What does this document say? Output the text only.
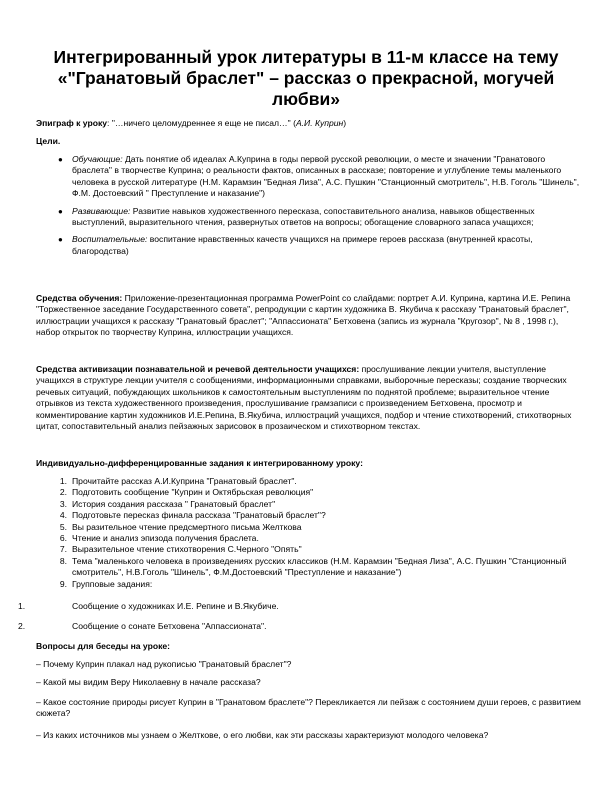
Интегрированный урок литературы в 11-м классе на тему «"Гранатовый браслет" – рассказ о прекрасной, могучей любви»
Эпиграф к уроку: "…ничего целомудреннее я еще не писал…" (А.И. Куприн)
Цели.
● Обучающие: Дать понятие об идеалах А.Куприна в годы первой русской революции, о месте и значении "Гранатового браслета" в творчестве Куприна; о реальности фактов, описанных в рассказе; повторение и углубление темы маленького человека в русской литературе (Н.М. Карамзин "Бедная Лиза", А.С. Пушкин "Станционный смотритель", Н.В. Гоголь "Шинель", Ф.М. Достоевский " Преступление и наказание")
● Развивающие: Развитие навыков художественного пересказа, сопоставительного анализа, навыков общественных выступлений, выразительного чтения, развернутых ответов на вопросы; обогащение словарного запаса учащихся;
● Воспитательные: воспитание нравственных качеств учащихся на примере героев рассказа (внутренней красоты, благородства)
Средства обучения: Приложение-презентационная программа PowerPoint со слайдами: портрет А.И. Куприна, картина И.Е. Репина "Торжественное заседание Государственного совета", репродукции с картин художника В. Якубича к рассказу "Гранатовый браслет", иллюстрации учащихся к рассказу "Гранатовый браслет"; "Аппассионата" Бетховена (запись из журнала "Кругозор", № 8 , 1998 г.), набор открыток по творчеству Куприна, иллюстрации учащихся.
Средства активизации познавательной и речевой деятельности учащихся: прослушивание лекции учителя, выступление учащихся в структуре лекции учителя с сообщениями, информационными справками, выборочные пересказы; создание творческих речевых ситуаций, побуждающих школьников к самостоятельным выступлениям по поднятой проблеме; выразительное чтение отрывков из текста художественного произведения, прослушивание грамзаписи с произведением Бетховена, просмотр и комментирование картин художников И.Е.Репина, В.Якубича, иллюстраций учащихся, подбор и чтение стихотворений, стихотворных цитат, сопоставительный анализ пейзажных зарисовок в прозаическом и стихотворном текстах.
Индивидуально-дифференцированные задания к интегрированному уроку:
1. Прочитайте рассказ А.И.Куприна "Гранатовый браслет".
2. Подготовить сообщение "Куприн и Октябрьская революция"
3. История создания рассказа " Гранатовый браслет"
4. Подготовьте пересказ финала рассказа "Гранатовый браслет"?
5. Вы разительное чтение предсмертного письма Желткова
6. Чтение и анализ эпизода получения браслета.
7. Выразительное чтение стихотворения С.Черного "Опять"
8. Тема "маленького человека в произведениях русских классиков (Н.М. Карамзин "Бедная Лиза", А.С. Пушкин "Станционный смотритель", Н.В.Гоголь "Шинель", Ф.М.Достоевский "Преступление и наказание")
9. Групповые задания:
1.	Сообщение о художниках И.Е. Репине и В.Якубиче.
2.	Сообщение о сонате Бетховена "Аппассионата".
Вопросы для беседы на уроке:
– Почему Куприн плакал над рукописью "Гранатовый браслет"?
– Какой мы видим Веру Николаевну в начале рассказа?
– Какое состояние природы рисует Куприн в "Гранатовом браслете"? Перекликается ли пейзаж с состоянием души героев, с развитием сюжета?
– Из каких источников мы узнаем о Желткове, о его любви, как эти рассказы характеризуют молодого человека?
